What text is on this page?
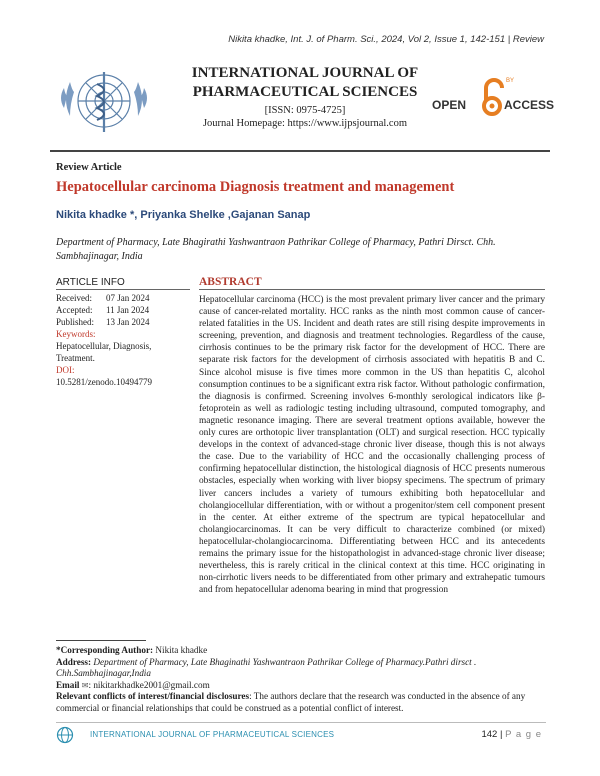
Nikita khadke, Int. J. of Pharm. Sci., 2024, Vol 2, Issue 1, 142-151 | Review
INTERNATIONAL JOURNAL OF
PHARMACEUTICAL SCIENCES
[ISSN: 0975-4725]
Journal Homepage: https://www.ijpsjournal.com
OPEN	ACCESS
BY
Review Article
Hepatocellular carcinoma Diagnosis treatment and management
Nikita khadke *, Priyanka Shelke ,Gajanan Sanap
Department of Pharmacy, Late Bhagirathi Yashwantraon Pathrikar College of Pharmacy, Pathri Dirsct. Chh. Sambhajinagar, India
ARTICLE INFO
Received: 07 Jan 2024
Accepted: 11 Jan 2024
Published: 13 Jan 2024
Keywords:
Hepatocellular, Diagnosis, Treatment.
DOI:
10.5281/zenodo.10494779
ABSTRACT
Hepatocellular carcinoma (HCC) is the most prevalent primary liver cancer and the primary cause of cancer-related mortality. HCC ranks as the ninth most common cause of cancer-related fatalities in the US. Incident and death rates are still rising despite improvements in screening, prevention, and diagnosis and treatment technologies. Regardless of the cause, cirrhosis continues to be the primary risk factor for the development of HCC. There are separate risk factors for the development of cirrhosis associated with hepatitis B and C. Since alcohol misuse is five times more common in the US than hepatitis C, alcohol consumption continues to be a significant extra risk factor. Without pathologic confirmation, the diagnosis is confirmed. Screening involves 6-monthly serological indicators like β-fetoprotein as well as radiologic testing including ultrasound, computed tomography, and magnetic resonance imaging. There are several treatment options available, however the only cures are orthotopic liver transplantation (OLT) and surgical resection. HCC typically develops in the context of advanced-stage chronic liver disease, though this is not always the case. Due to the variability of HCC and the occasionally challenging process of confirming hepatocellular distinction, the histological diagnosis of HCC presents numerous obstacles, especially when working with liver biopsy specimens. The spectrum of primary liver cancers includes a variety of tumours exhibiting both hepatocellular and cholangiocellular differentiation, with or without a progenitor/stem cell component present in the center. At either extreme of the spectrum are typical hepatocellular and cholangiocarcinomas. It can be very difficult to characterize combined (or mixed) hepatocellular-cholangiocarcinoma. Differentiating between HCC and its antecedents remains the primary issue for the histopathologist in advanced-stage chronic liver disease; nevertheless, this is rarely critical in the clinical context at this time. HCC originating in non-cirrhotic livers needs to be differentiated from other primary and extrahepatic tumours and from hepatocellular adenoma bearing in mind that progression
*Corresponding Author: Nikita khadke
Address: Department of Pharmacy, Late Bhaginathi Yashwantraon Pathrikar College of Pharmacy.Pathri dirsct . Chh.Sambhajinagar,India
Email ✉: nikitarkhadke2001@gmail.com
Relevant conflicts of interest/financial disclosures: The authors declare that the research was conducted in the absence of any commercial or financial relationships that could be construed as a potential conflict of interest.
INTERNATIONAL JOURNAL OF PHARMACEUTICAL SCIENCES	142 | P a g e
